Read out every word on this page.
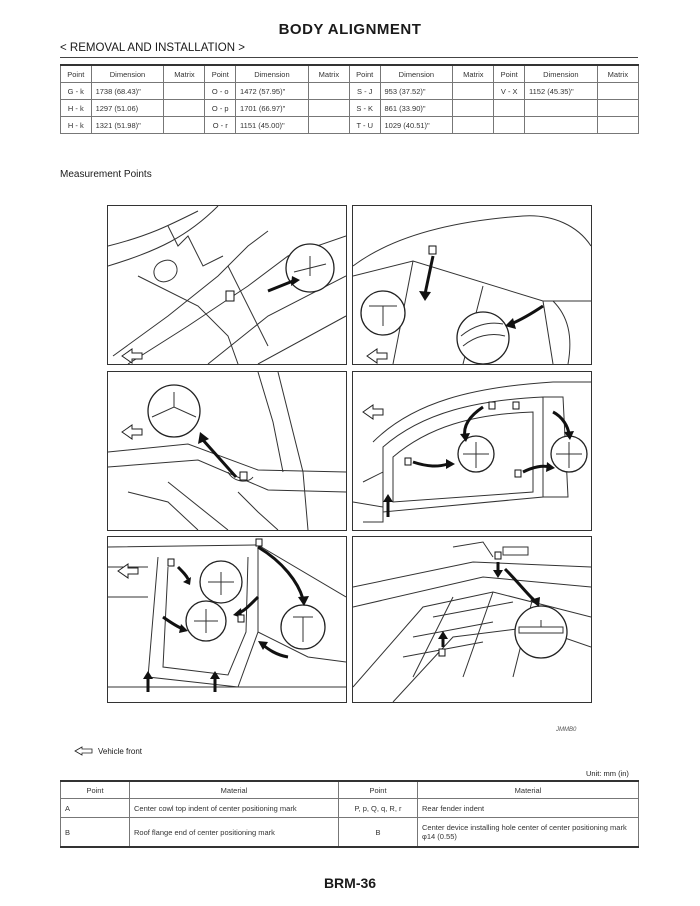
BODY ALIGNMENT
< REMOVAL AND INSTALLATION >
Point	Dimension	Matrix	Point	Dimension	Matrix	Point	Dimension	Matrix	Point	Dimension	Matrix
G - k	1738 (68.43)"		O - o	1472 (57.95)"		S - J	953 (37.52)"		V - X	1152 (45.35)"	
H - k	1297 (51.06)		O - p	1701 (66.97)"		S - K	861 (33.90)"				
H - k	1321 (51.98)"		O - r	1151 (45.00)"		T - U	1029 (40.51)"				
Measurement Points
JMMB0
Vehicle front
Unit: mm (in)
Point	Material	Point	Material
A	Center cowl top indent of center positioning mark	P, p, Q, q, R, r	Rear fender indent
B	Roof flange end of center positioning mark	B	Center device installing hole center of center positioning mark φ14 (0.55)
BRM-36
